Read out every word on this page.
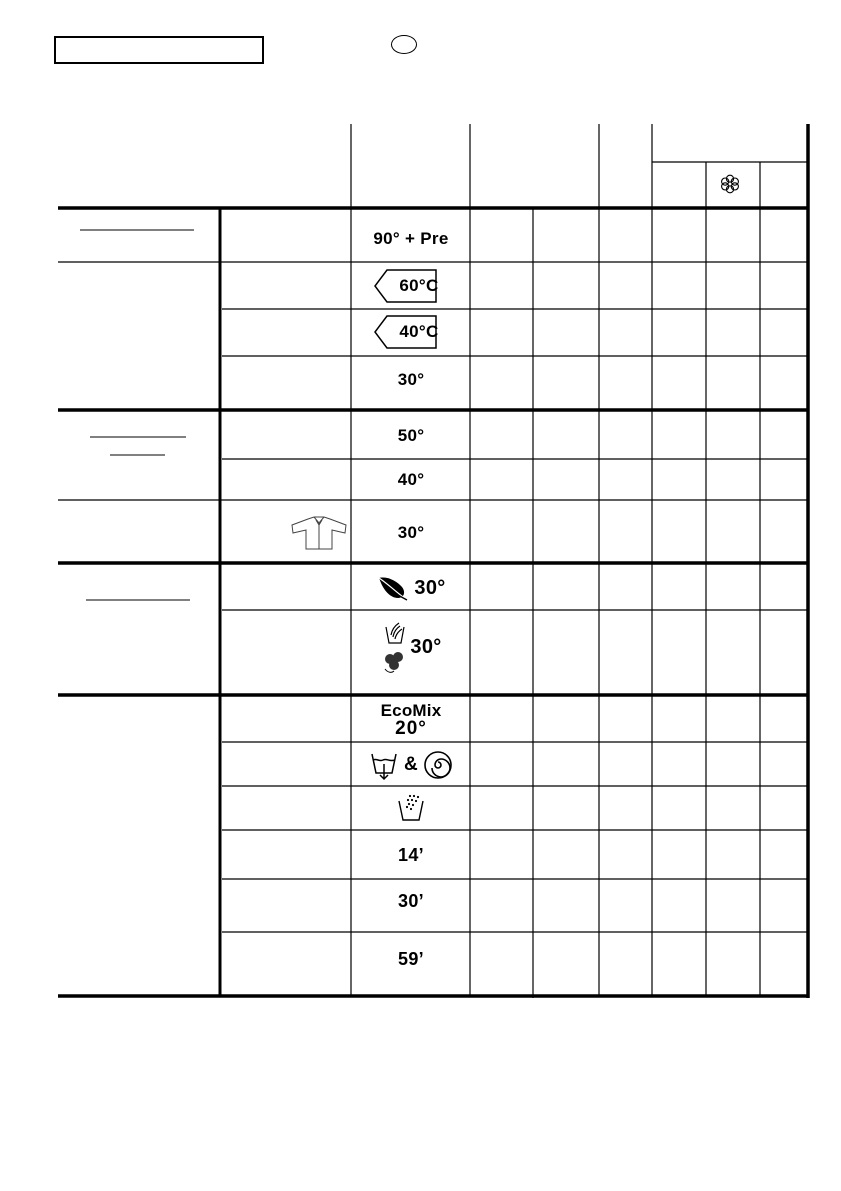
90° + Pre
60°C
40°C
30°
50°
40°
30°
30°
30°
EcoMix
20°
&
14’
30’
59’
